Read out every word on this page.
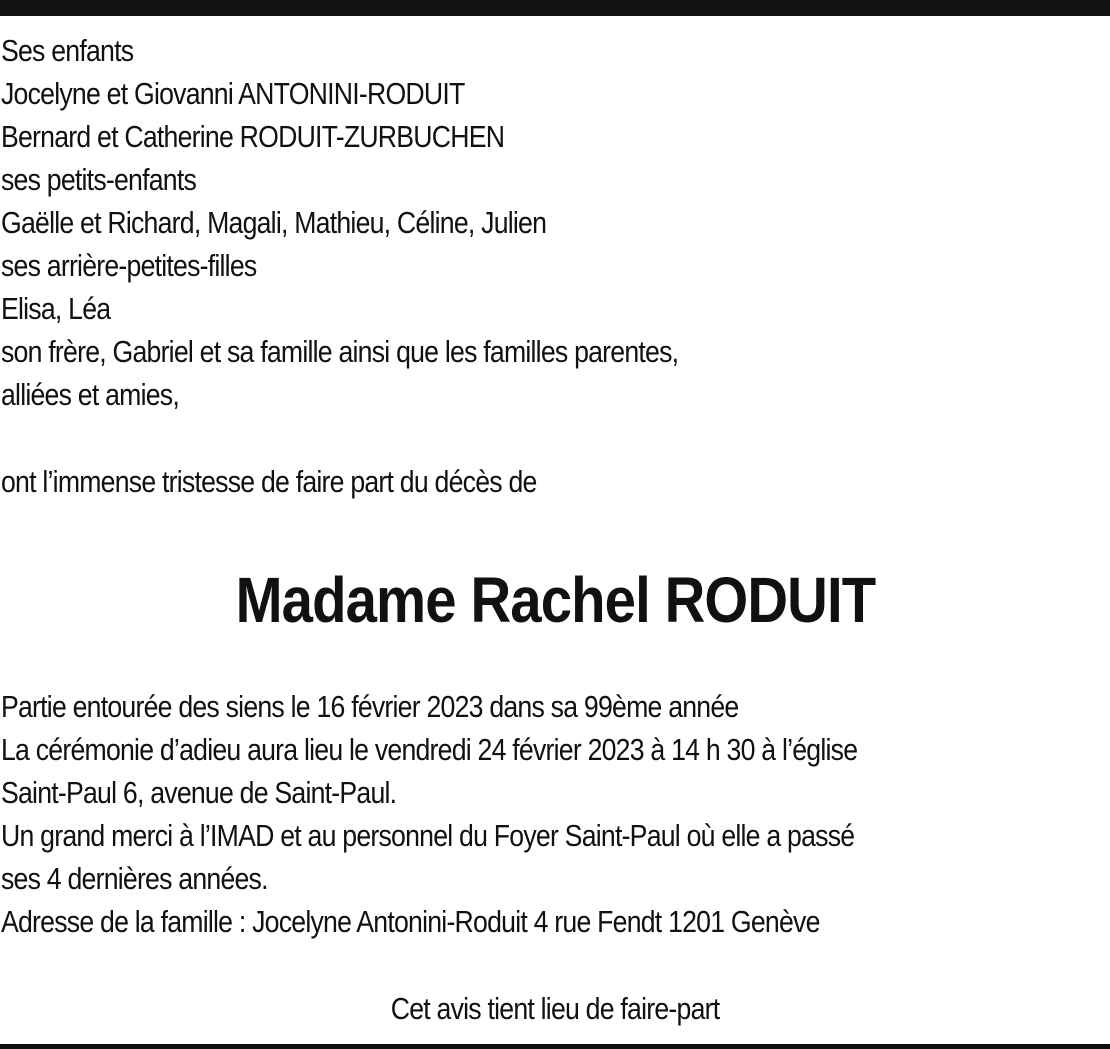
Ses enfants
Jocelyne et Giovanni ANTONINI-RODUIT
Bernard et Catherine RODUIT-ZURBUCHEN
ses petits-enfants
Gaëlle et Richard, Magali, Mathieu, Céline, Julien
ses arrière-petites-filles
Elisa, Léa
son frère, Gabriel et sa famille ainsi que les familles parentes,
alliées et amies,
ont l’immense tristesse de faire part du décès de
Madame Rachel RODUIT
Partie entourée des siens le 16 février 2023 dans sa 99ème année
La cérémonie d’adieu aura lieu le vendredi 24 février 2023 à 14 h 30 à l’église
Saint-Paul 6, avenue de Saint-Paul.
Un grand merci à l’IMAD et au personnel du Foyer Saint-Paul où elle a passé
ses 4 dernières années.
Adresse de la famille : Jocelyne Antonini-Roduit 4 rue Fendt 1201 Genève
Cet avis tient lieu de faire-part
